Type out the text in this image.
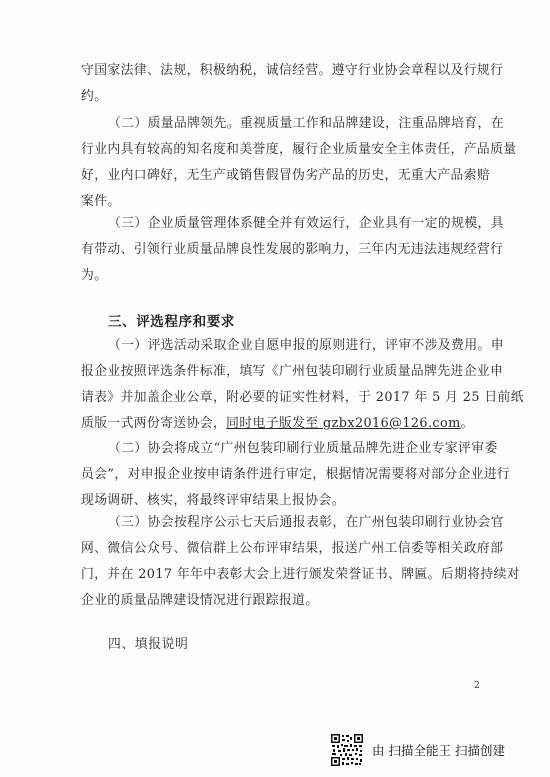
守国家法律、法规，积极纳税，诚信经营。遵守行业协会章程以及行规行
约。
（二）质量品牌领先。重视质量工作和品牌建设，注重品牌培育，在
行业内具有较高的知名度和美誉度，履行企业质量安全主体责任，产品质量
好，业内口碑好，无生产或销售假冒伪劣产品的历史，无重大产品索赔
案件。
（三）企业质量管理体系健全并有效运行，企业具有一定的规模，具
有带动、引领行业质量品牌良性发展的影响力，三年内无违法违规经营行
为。
三、评选程序和要求
（一）评选活动采取企业自愿申报的原则进行，评审不涉及费用。申
报企业按照评选条件标准，填写《广州包装印刷行业质量品牌先进企业申
请表》并加盖企业公章，附必要的证实性材料，于 2017 年 5 月 25 日前纸
质版一式两份寄送协会，同时电子版发至 gzbx2016@126.com。
（二）协会将成立“广州包装印刷行业质量品牌先进企业专家评审委
员会”，对申报企业按申请条件进行审定，根据情况需要将对部分企业进行
现场调研、核实，将最终评审结果上报协会。
（三）协会按程序公示七天后通报表彰，在广州包装印刷行业协会官
网、微信公众号、微信群上公布评审结果，报送广州工信委等相关政府部
门，并在 2017 年年中表彰大会上进行颁发荣誉证书、牌匾。后期将持续对
企业的质量品牌建设情况进行跟踪报道。
四、填报说明
2
由 扫描全能王 扫描创建
